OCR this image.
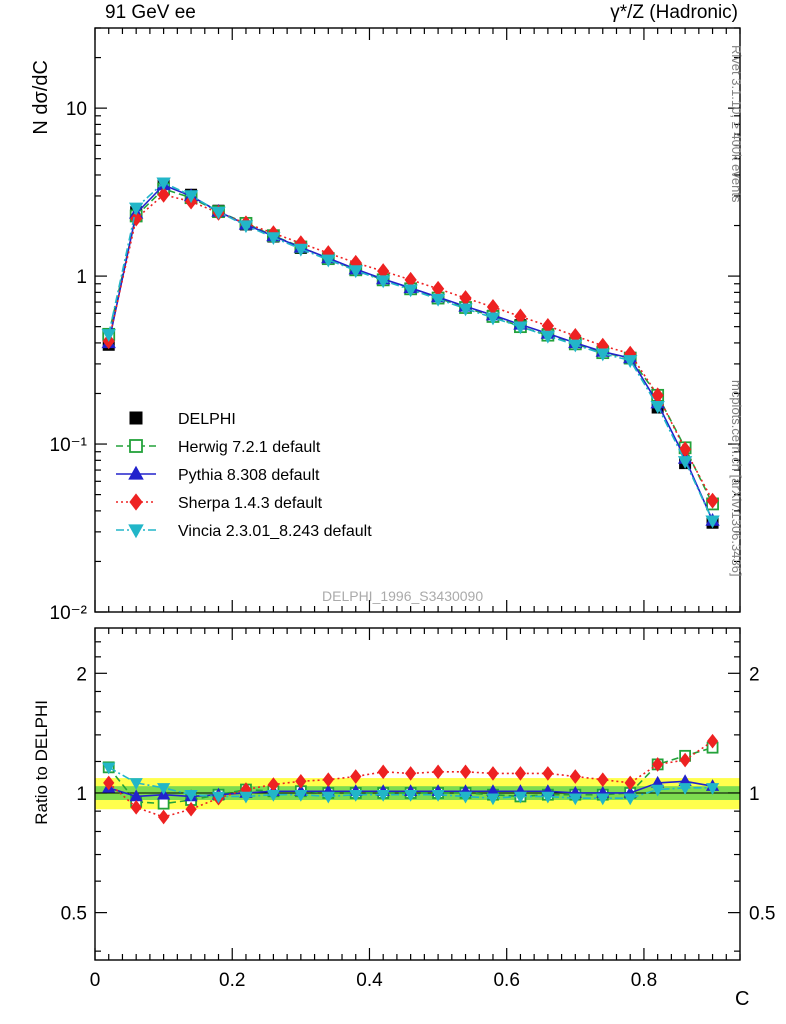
10⁻²
10⁻¹
1
10
0	0.2	0.4	0.6	0.8
0.5	0.5
1	1
2	2
DELPHI
Herwig 7.2.1 default
Pythia 8.308 default
Sherpa 1.4.3 default
Vincia 2.3.01_8.243 default
91 GeV ee	γ*/Z (Hadronic)
Rivet 3.1.10, ≥ 400k events
mcplots.cern.ch [arXiv:1306.3436]
N dσ/dC
Ratio to DELPHI
C
DELPHI_1996_S3430090
